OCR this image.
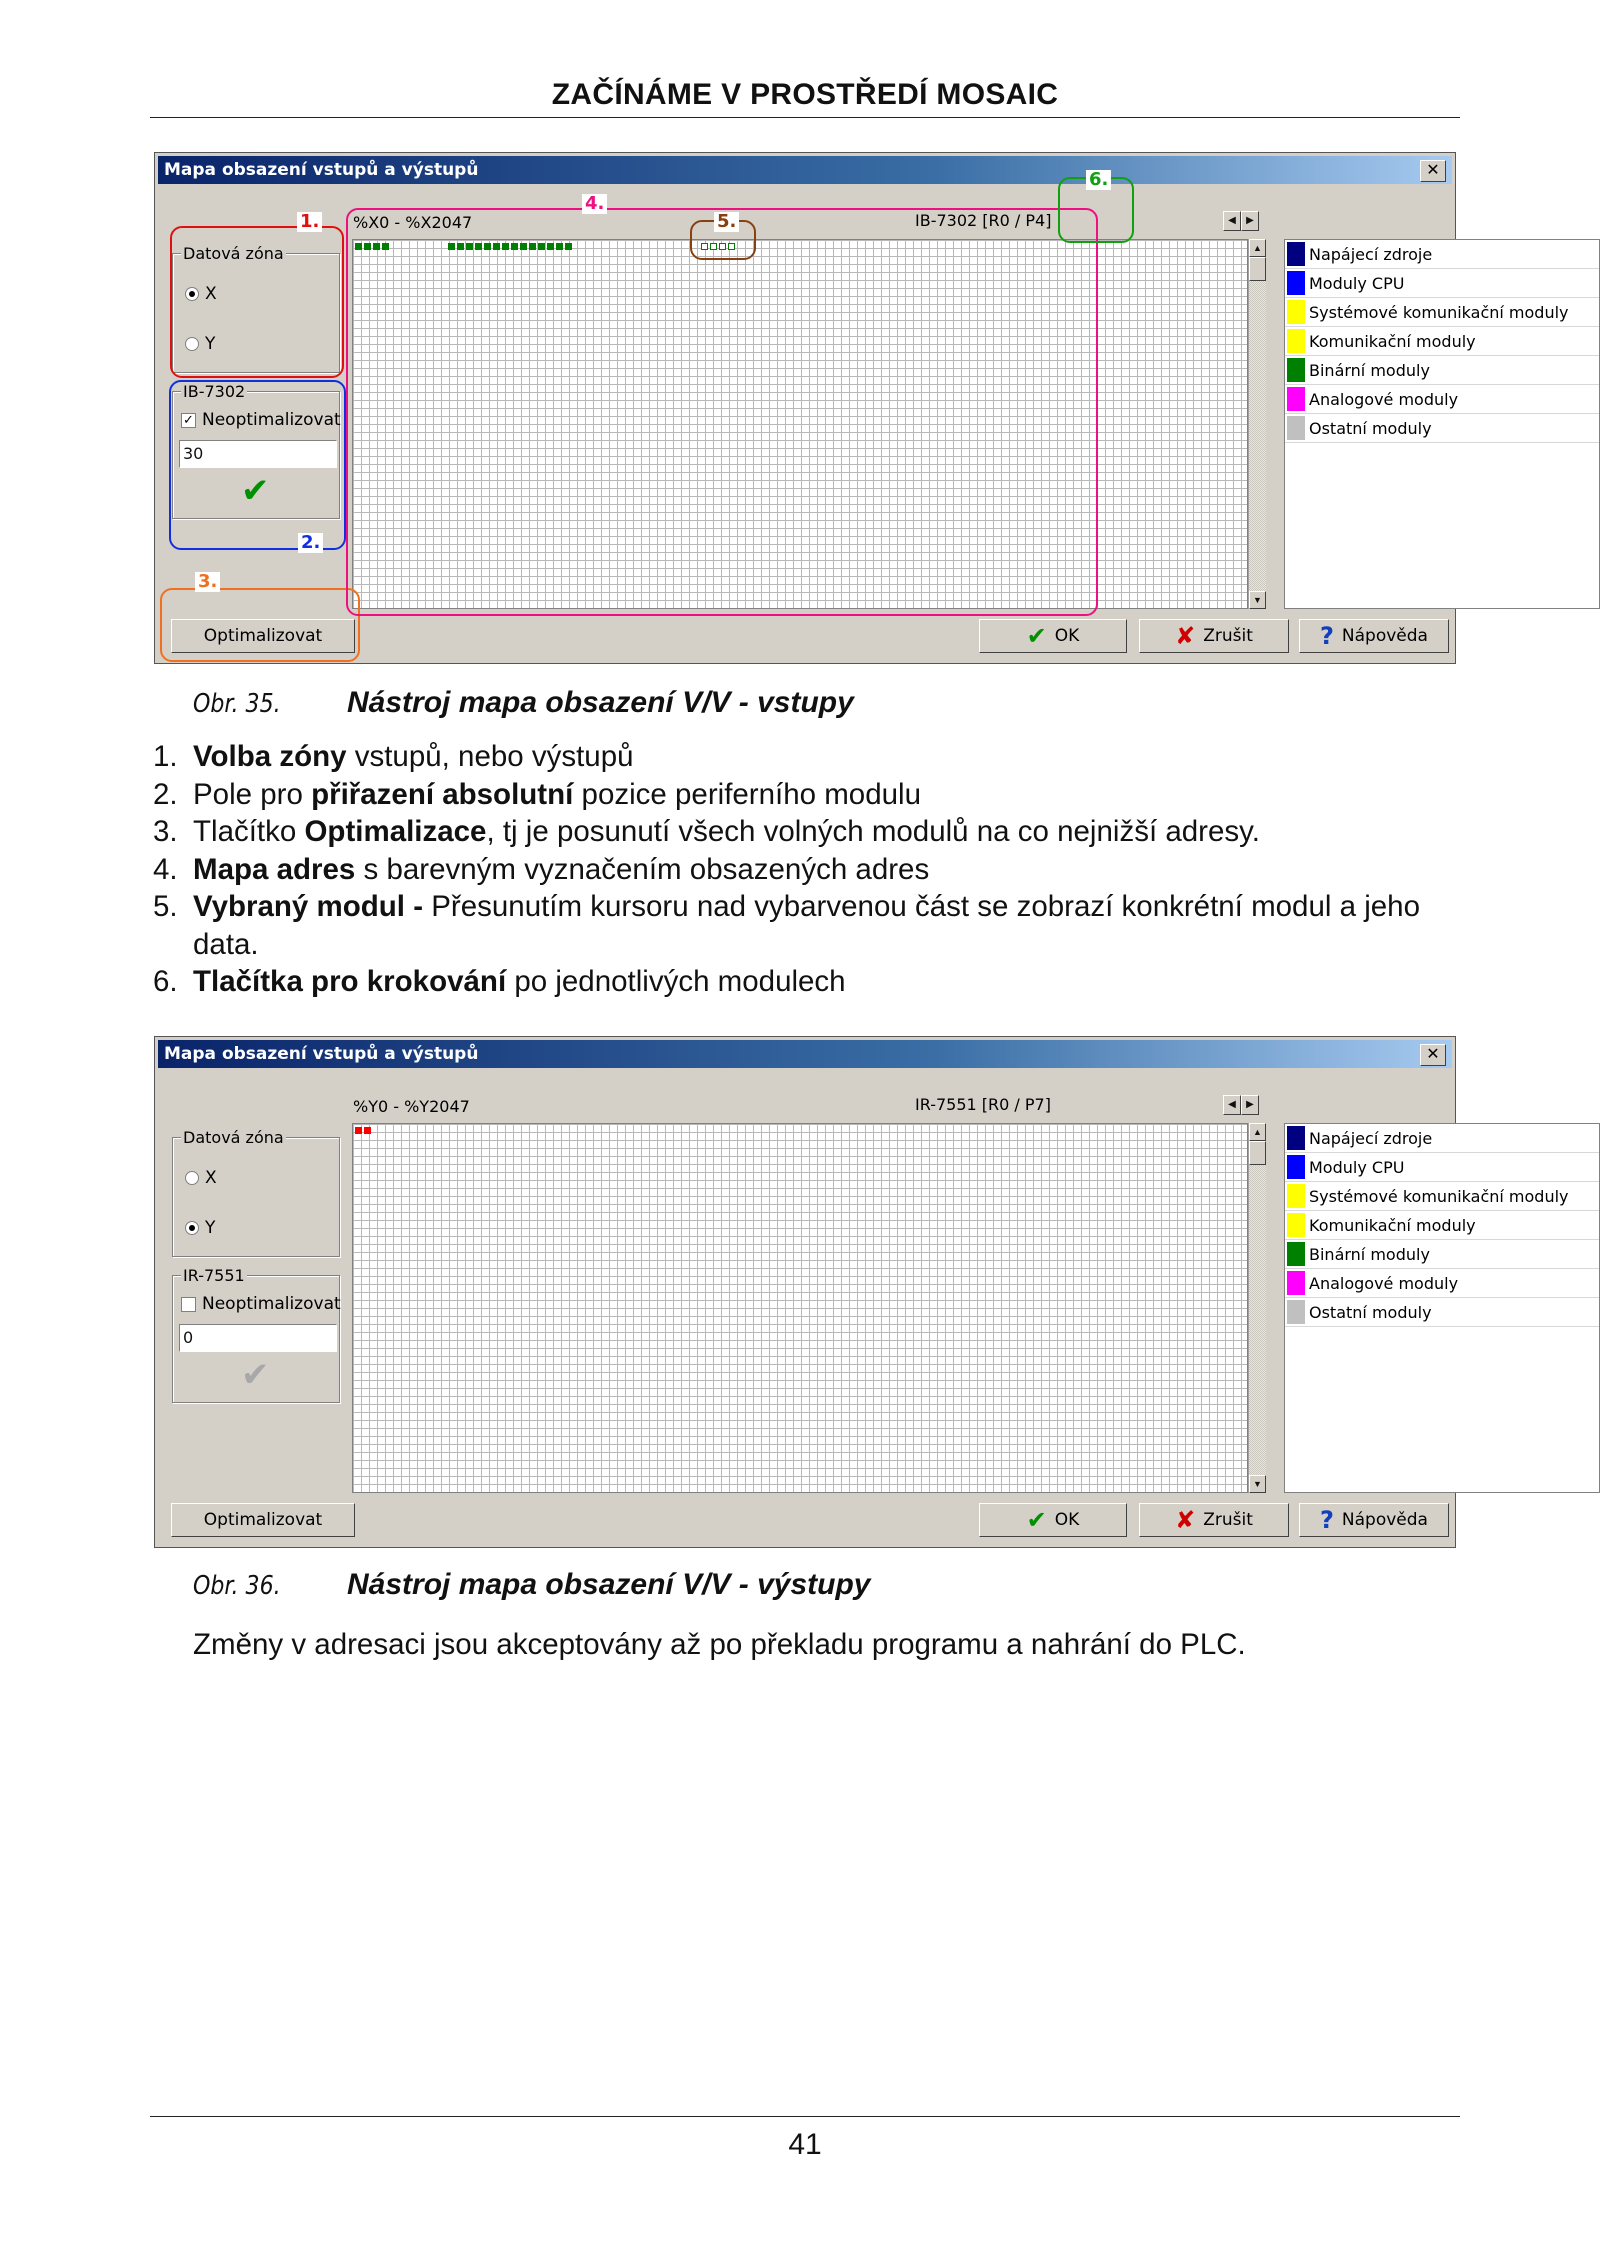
ZAČÍNÁME V PROSTŘEDÍ MOSAIC
Mapa obsazení vstupů a výstupů	✕
Datová zóna
X
Y
IB-7302
✓ Neoptimalizovat
30
✔
%X0 - %X2047	IB-7302 [R0 / P4]	◀	▶
▲
▼
Napájecí zdroje
Moduly CPU
Systémové komunikační moduly
Komunikační moduly
Binární moduly
Analogové moduly
Ostatní moduly
Optimalizovat	✔ OK	✘ Zrušit	? Nápověda
1.
2.
3.
4.
5.
6.
Obr. 35. Nástroj mapa obsazení V/V - vstupy
1. Volba zóny vstupů, nebo výstupů
2. Pole pro přiřazení absolutní pozice periferního modulu
3. Tlačítko Optimalizace, tj je posunutí všech volných modulů na co nejnižší adresy.
4. Mapa adres s barevným vyznačením obsazených adres
5. Vybraný modul - Přesunutím kursoru nad vybarvenou část se zobrazí konkrétní modul a jeho data.
6. Tlačítka pro krokování po jednotlivých modulech
Mapa obsazení vstupů a výstupů	✕
Datová zóna
X
Y
IR-7551
Neoptimalizovat
0
✔
%Y0 - %Y2047	IR-7551 [R0 / P7]	◀	▶
▲
▼
Napájecí zdroje
Moduly CPU
Systémové komunikační moduly
Komunikační moduly
Binární moduly
Analogové moduly
Ostatní moduly
Optimalizovat	✔ OK	✘ Zrušit	? Nápověda
Obr. 36. Nástroj mapa obsazení V/V - výstupy
Změny v adresaci jsou akceptovány až po překladu programu a nahrání do PLC.
41
